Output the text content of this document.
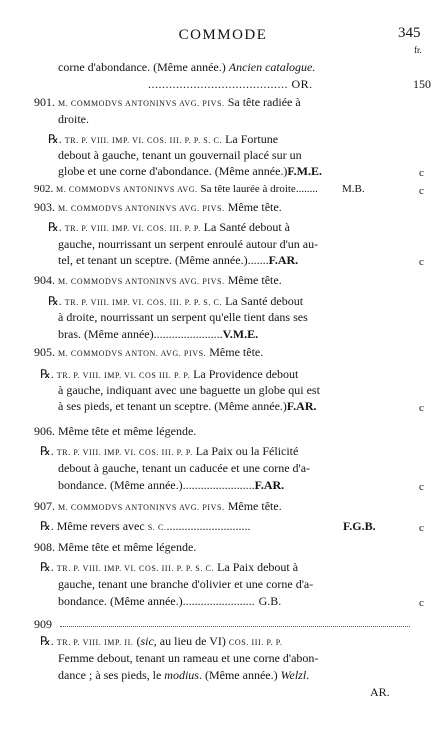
COMMODE	345
fr.
corne d'abondance. (Même année.) Ancien catalogue.
........................................ OR.	150
901. M. COMMODVS ANTONINVS AVG. PIVS. Sa tête radiée à
droite.
℞. TR. P. VIII. IMP. VI. COS. III. P. P. S. C. La Fortune
debout à gauche, tenant un gouvernail placé sur un
globe et une corne d'abondance. (Même année.)F.M.E.	c
902. M. COMMODVS ANTONINVS AVG. Sa tête laurée à droite........ M.B.	c
903. M. COMMODVS ANTONINVS AVG. PIVS. Même tête.
℞. TR. P. VIII. IMP. VI. COS. III. P. P. La Santé debout à
gauche, nourrissant un serpent enroulé autour d'un au-
tel, et tenant un sceptre. (Même année.).......F.AR.	c
904. M. COMMODVS ANTONINVS AVG. PIVS. Même tête.
℞. TR. P. VIII. IMP. VI. COS. III. P. P. S. C. La Santé debout
à droite, nourrissant un serpent qu'elle tient dans ses
bras. (Même année).......................V.M.E.
905. M. COMMODVS ANTON. AVG. PIVS. Même tête.
℞. TR. P. VIII. IMP. VI. COS III. P. P. La Providence debout
à gauche, indiquant avec une baguette un globe qui est
à ses pieds, et tenant un sceptre. (Même année.)F.AR.	c
906. Même tête et même légende.
℞. TR. P. VIII. IMP. VI. COS. III. P. P. La Paix ou la Félicité
debout à gauche, tenant un caducée et une corne d'a-
bondance. (Même année.)........................F.AR.	c
907. M. COMMODVS ANTONINVS AVG. PIVS. Même tête.
℞. Même revers avec S. C.............................	F.G.B.	c
908. Même tête et même légende.
℞. TR. P. VIII. IMP. VI. COS. III. P. P. S. C. La Paix debout à
gauche, tenant une branche d'olivier et une corne d'a-
bondance. (Même année.)........................ G.B.	c
909
℞. TR. P. VIII. IMP. II. (sic, au lieu de VI) COS. III. P. P.
Femme debout, tenant un rameau et une corne d'abon-
dance ; à ses pieds, le modius. (Même année.) Welzl.
AR.
